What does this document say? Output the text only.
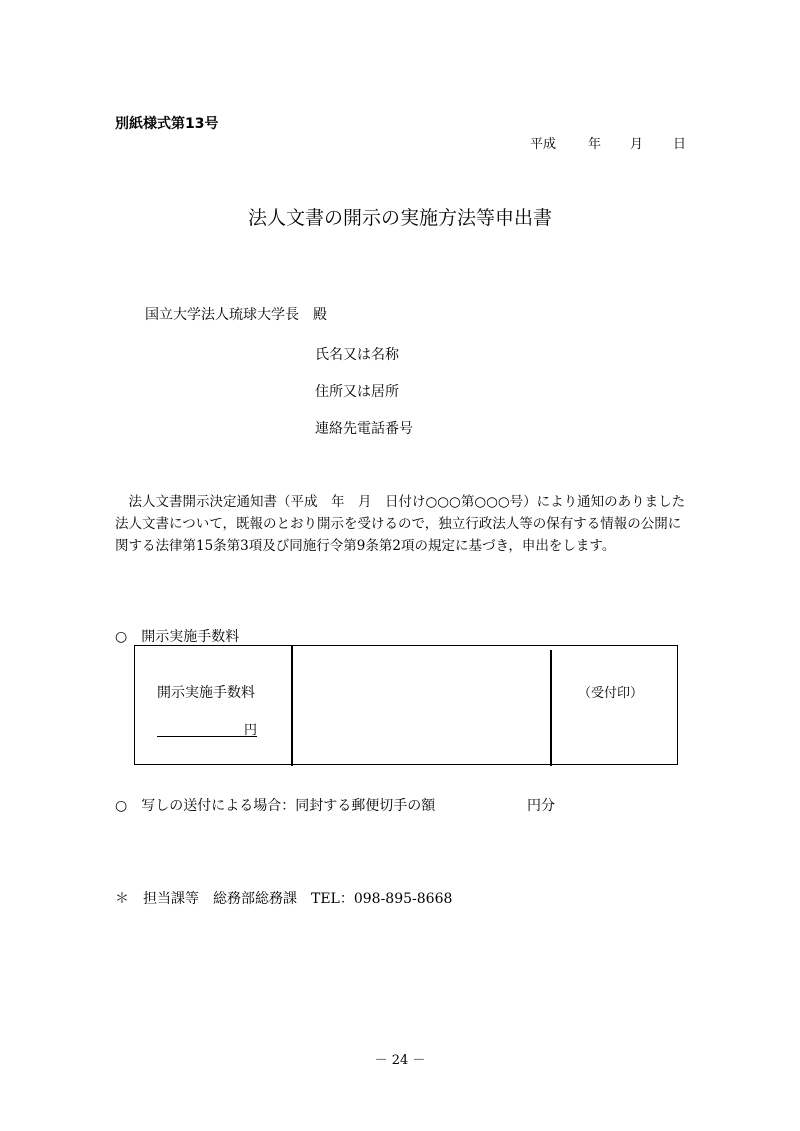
別紙様式第13号
平成 年 月 日
法人文書の開示の実施方法等申出書
国立大学法人琉球大学長　殿
氏名又は名称
住所又は居所
連絡先電話番号

法人文書開示決定通知書（平成　年　月　日付け○○○第○○○号）により通知のありました法人文書について，既報のとおり開示を受けるので，独立行政法人等の保有する情報の公開に関する法律第15条第3項及び同施行令第9条第2項の規定に基づき，申出をします。

○　開示実施手数料
開示実施手数料
円
（受付印）
○　写しの送付による場合：同封する郵便切手の額	円分
＊　担当課等　総務部総務課　TEL：098-895-8668
－ 24 －
